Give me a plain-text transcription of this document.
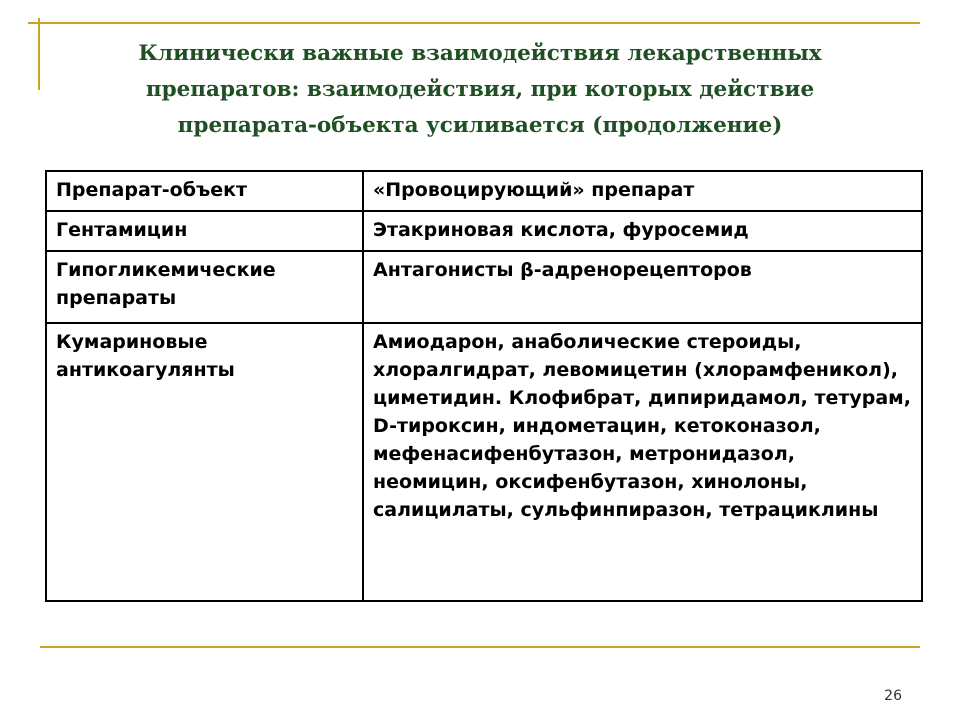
Клинически важные взаимодействия лекарственных
препаратов: взаимодействия, при которых действие
препарата-объекта усиливается (продолжение)
Препарат-объект	«Провоцирующий» препарат
Гентамицин	Этакриновая кислота, фуросемид
Гипогликемические препараты	Антагонисты β-адренорецепторов
Кумариновые антикоагулянты	Амиодарон, анаболические стероиды, хлоралгидрат, левомицетин (хлорамфеникол), циметидин. Клофибрат, дипиридамол, тетурам, D-тироксин, индометацин, кетоконазол, мефенасифенбутазон, метронидазол, неомицин, оксифенбутазон, хинолоны, салицилаты, сульфинпиразон, тетрациклины
26
